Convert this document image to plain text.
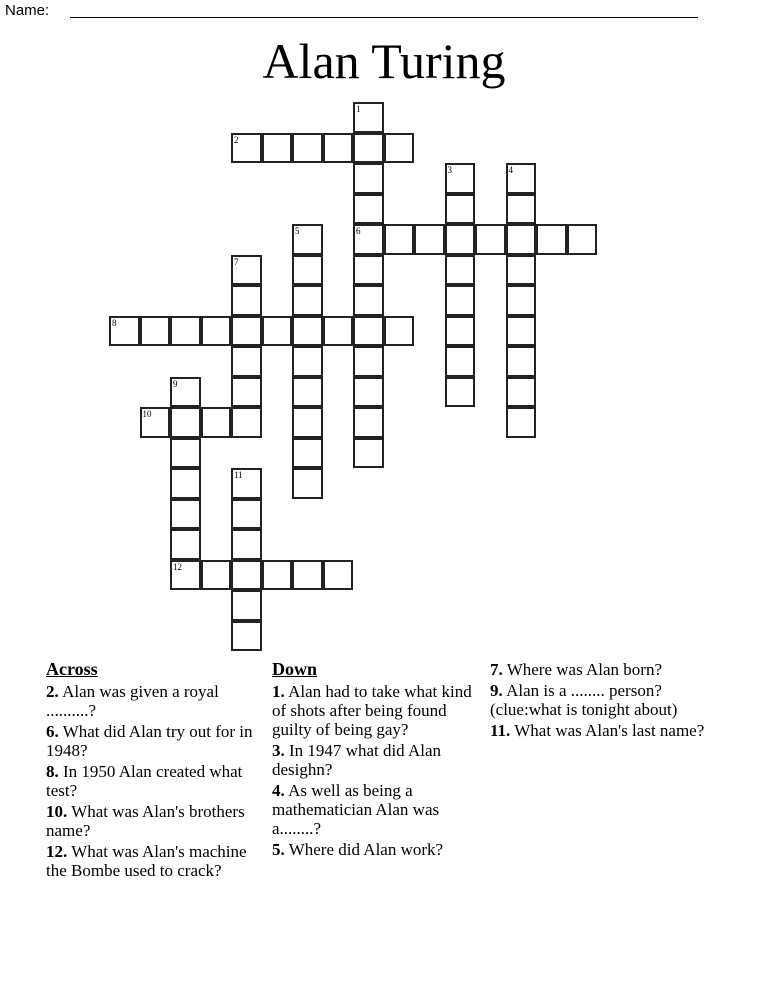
Name:
Alan Turing
1
6
2
3	4
5
7
8
9
12
10
11
Across
2. Alan was given a royal ..........?
6. What did Alan try out for in 1948?
8. In 1950 Alan created what test?
10. What was Alan's brothers name?
12. What was Alan's machine the Bombe used to crack?
Down
1. Alan had to take what kind of shots after being found guilty of being gay?
3. In 1947 what did Alan desighn?
4. As well as being a mathematician Alan was a........?
5. Where did Alan work?
7. Where was Alan born?
9. Alan is a ........ person? (clue:what is tonight about)
11. What was Alan's last name?
